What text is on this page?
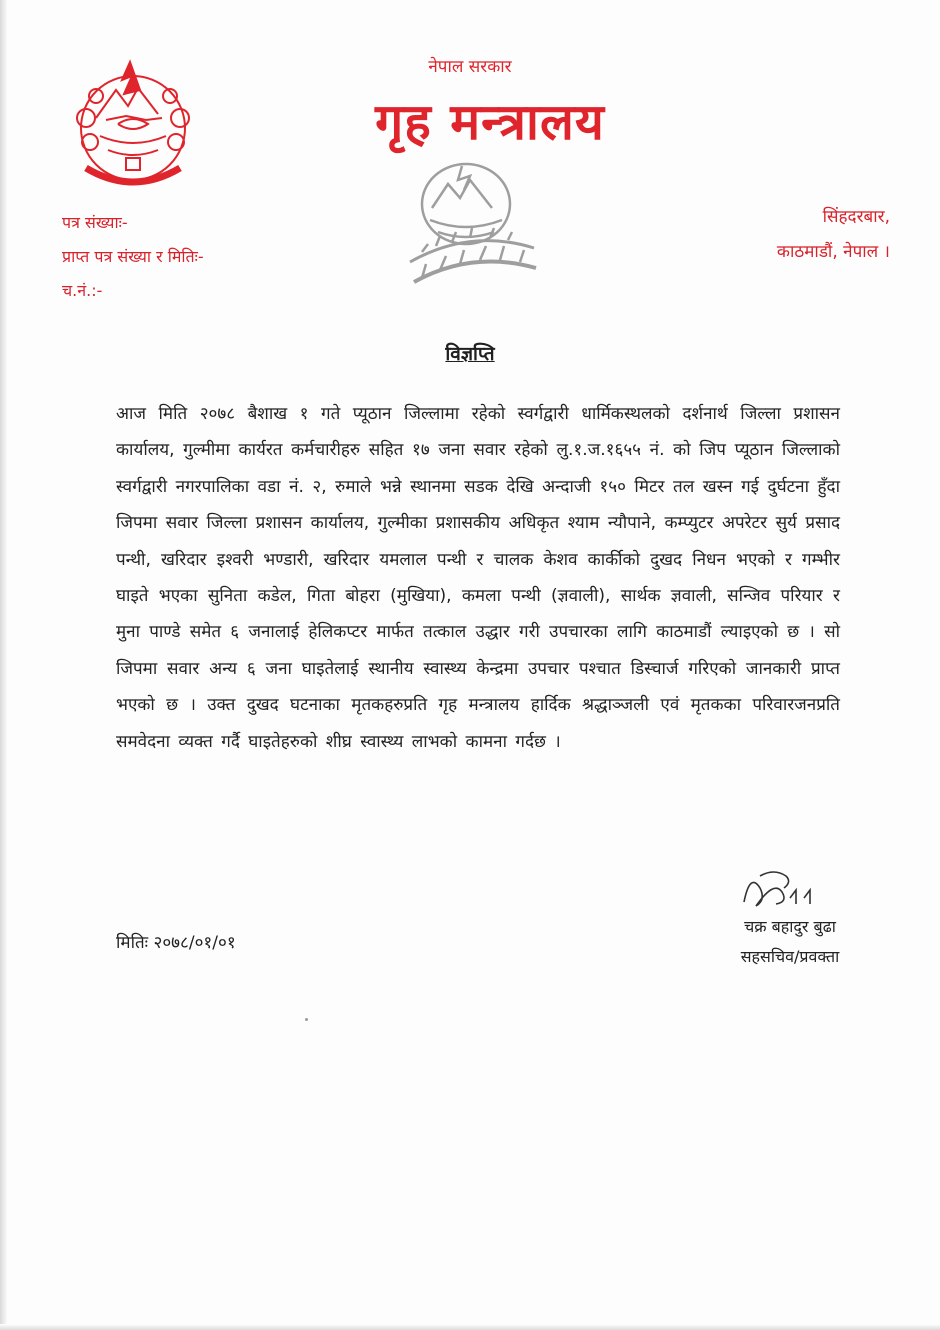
नेपाल सरकार
गृह मन्त्रालय
पत्र संख्याः-
प्राप्त पत्र संख्या र मितिः-
च.नं.:-
सिंहदरबार,
काठमाडौं, नेपाल ।
विज्ञप्ति
आज मिति २०७८ बैशाख १ गते प्यूठान जिल्लामा रहेको स्वर्गद्वारी धार्मिकस्थलको दर्शनार्थ जिल्ला प्रशासन कार्यालय, गुल्मीमा कार्यरत कर्मचारीहरु सहित १७ जना सवार रहेको लु.१.ज.१६५५ नं. को जिप प्यूठान जिल्लाको स्वर्गद्वारी नगरपालिका वडा नं. २, रुमाले भन्ने स्थानमा सडक देखि अन्दाजी १५० मिटर तल खस्न गई दुर्घटना हुँदा जिपमा सवार जिल्ला प्रशासन कार्यालय, गुल्मीका प्रशासकीय अधिकृत श्याम न्यौपाने, कम्प्युटर अपरेटर सुर्य प्रसाद पन्थी, खरिदार इश्वरी भण्डारी, खरिदार यमलाल पन्थी र चालक केशव कार्कीको दुखद निधन भएको र गम्भीर घाइते भएका सुनिता कडेल, गिता बोहरा (मुखिया), कमला पन्थी (ज्ञवाली), सार्थक ज्ञवाली, सन्जिव परियार र मुना पाण्डे समेत ६ जनालाई हेलिकप्टर मार्फत तत्काल उद्धार गरी उपचारका लागि काठमाडौं ल्याइएको छ । सो जिपमा सवार अन्य ६ जना घाइतेलाई स्थानीय स्वास्थ्य केन्द्रमा उपचार पश्चात डिस्चार्ज गरिएको जानकारी प्राप्त भएको छ । उक्त दुखद घटनाका मृतकहरुप्रति गृह मन्त्रालय हार्दिक श्रद्धाञ्जली एवं मृतकका परिवारजनप्रति समवेदना व्यक्त गर्दै घाइतेहरुको शीघ्र स्वास्थ्य लाभको कामना गर्दछ ।
मितिः २०७८/०१/०१
चक्र बहादुर बुढा
सहसचिव/प्रवक्ता
